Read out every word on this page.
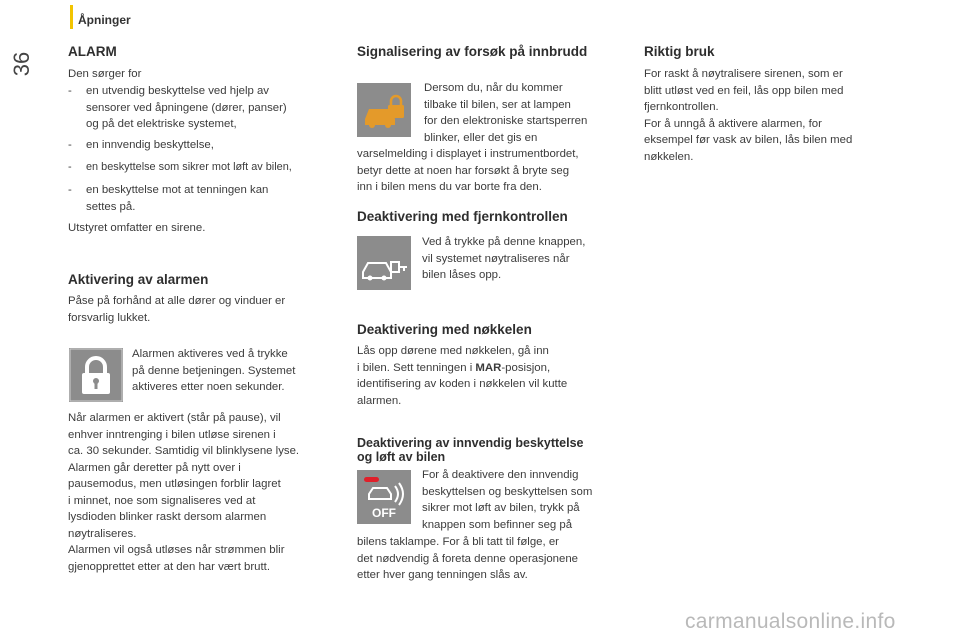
Åpninger
36
ALARM

Den sørger for

- en utvendig beskyttelse ved hjelp av
sensorer ved åpningene (dører, panser)
og på det elektriske systemet,
- en innvendig beskyttelse,
- en beskyttelse som sikrer mot løft av bilen,
- en beskyttelse mot at tenningen kan
settes på.

Utstyret omfatter en sirene.

Aktivering av alarmen

Påse på forhånd at alle dører og vinduer er
forsvarlig lukket.

Alarmen aktiveres ved å trykke
på denne betjeningen. Systemet
aktiveres etter noen sekunder.

Når alarmen er aktivert (står på pause), vil
enhver inntrenging i bilen utløse sirenen i
ca. 30 sekunder. Samtidig vil blinklysene lyse.
Alarmen går deretter på nytt over i
pausemodus, men utløsingen forblir lagret
i minnet, noe som signaliseres ved at
lysdioden blinker raskt dersom alarmen
nøytraliseres.
Alarmen vil også utløses når strømmen blir
gjenopprettet etter at den har vært brutt.

Signalisering av forsøk på innbrudd

Dersom du, når du kommer
tilbake til bilen, ser at lampen
for den elektroniske startsperren
blinker, eller det gis en

varselmelding i displayet i instrumentbordet,
betyr dette at noen har forsøkt å bryte seg
inn i bilen mens du var borte fra den.

Deaktivering med fjernkontrollen

Ved å trykke på denne knappen,
vil systemet nøytraliseres når
bilen låses opp.

Deaktivering med nøkkelen

Lås opp dørene med nøkkelen, gå inn
i bilen. Sett tenningen i MAR-posisjon,
identifisering av koden i nøkkelen vil kutte
alarmen.

Deaktivering av innvendig beskyttelse
og løft av bilen
OFF

For å deaktivere den innvendig
beskyttelsen og beskyttelsen som
sikrer mot løft av bilen, trykk på
knappen som befinner seg på

bilens taklampe. For å bli tatt til følge, er
det nødvendig å foreta denne operasjonene
etter hver gang tenningen slås av.

Riktig bruk

For raskt å nøytralisere sirenen, som er
blitt utløst ved en feil, lås opp bilen med
fjernkontrollen.
For å unngå å aktivere alarmen, for
eksempel før vask av bilen, lås bilen med
nøkkelen.

carmanualsonline.info
